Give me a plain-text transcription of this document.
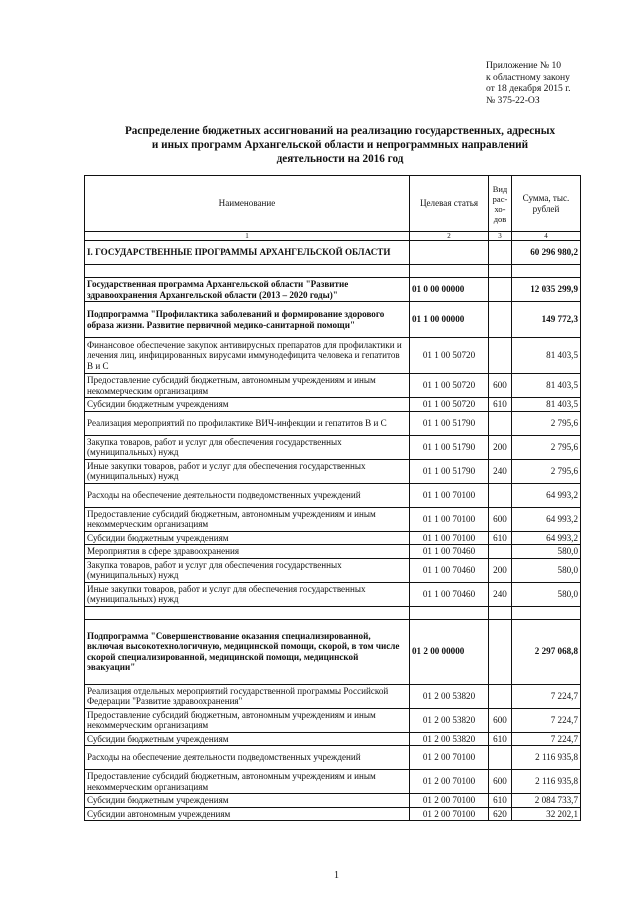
Приложение № 10
к областному закону
от 18 декабря 2015 г.
№ 375-22-ОЗ
Распределение бюджетных ассигнований на реализацию государственных, адресных
и иных программ Архангельской области и непрограммных направлений
деятельности на 2016 год
Наименование	Целевая статья	Вид рас-хо-дов	Сумма, тыс. рублей
1	2	3	4
I. ГОСУДАРСТВЕННЫЕ ПРОГРАММЫ АРХАНГЕЛЬСКОЙ ОБЛАСТИ			60 296 980,2

Государственная программа Архангельской области "Развитие здравоохранения Архангельской области (2013 – 2020 годы)"	01 0 00 00000		12 035 299,9
Подпрограмма "Профилактика заболеваний и формирование здорового образа жизни. Развитие первичной медико-санитарной помощи"	01 1 00 00000		149 772,3
Финансовое обеспечение закупок антивирусных препаратов для профилактики и лечения лиц, инфицированных вирусами иммунодефицита человека и гепатитов В и С	01 1 00 50720		81 403,5
Предоставление субсидий бюджетным, автономным учреждениям и иным некоммерческим организациям	01 1 00 50720	600	81 403,5
Субсидии бюджетным учреждениям	01 1 00 50720	610	81 403,5
Реализация мероприятий по профилактике ВИЧ-инфекции и гепатитов В и С	01 1 00 51790		2 795,6
Закупка товаров, работ и услуг для обеспечения государственных (муниципальных) нужд	01 1 00 51790	200	2 795,6
Иные закупки товаров, работ и услуг для обеспечения государственных (муниципальных) нужд	01 1 00 51790	240	2 795,6
Расходы на обеспечение деятельности подведомственных учреждений	01 1 00 70100		64 993,2
Предоставление субсидий бюджетным, автономным учреждениям и иным некоммерческим организациям	01 1 00 70100	600	64 993,2
Субсидии бюджетным учреждениям	01 1 00 70100	610	64 993,2
Мероприятия в сфере здравоохранения	01 1 00 70460		580,0
Закупка товаров, работ и услуг для обеспечения государственных (муниципальных) нужд	01 1 00 70460	200	580,0
Иные закупки товаров, работ и услуг для обеспечения государственных (муниципальных) нужд	01 1 00 70460	240	580,0

Подпрограмма "Совершенствование оказания специализированной, включая высокотехнологичную, медицинской помощи, скорой, в том числе скорой специализированной, медицинской помощи, медицинской эвакуации"	01 2 00 00000		2 297 068,8
Реализация отдельных мероприятий государственной программы Российской Федерации "Развитие здравоохранения"	01 2 00 53820		7 224,7
Предоставление субсидий бюджетным, автономным учреждениям и иным некоммерческим организациям	01 2 00 53820	600	7 224,7
Субсидии бюджетным учреждениям	01 2 00 53820	610	7 224,7
Расходы на обеспечение деятельности подведомственных учреждений	01 2 00 70100		2 116 935,8
Предоставление субсидий бюджетным, автономным учреждениям и иным некоммерческим организациям	01 2 00 70100	600	2 116 935,8
Субсидии бюджетным учреждениям	01 2 00 70100	610	2 084 733,7
Субсидии автономным учреждениям	01 2 00 70100	620	32 202,1
1
